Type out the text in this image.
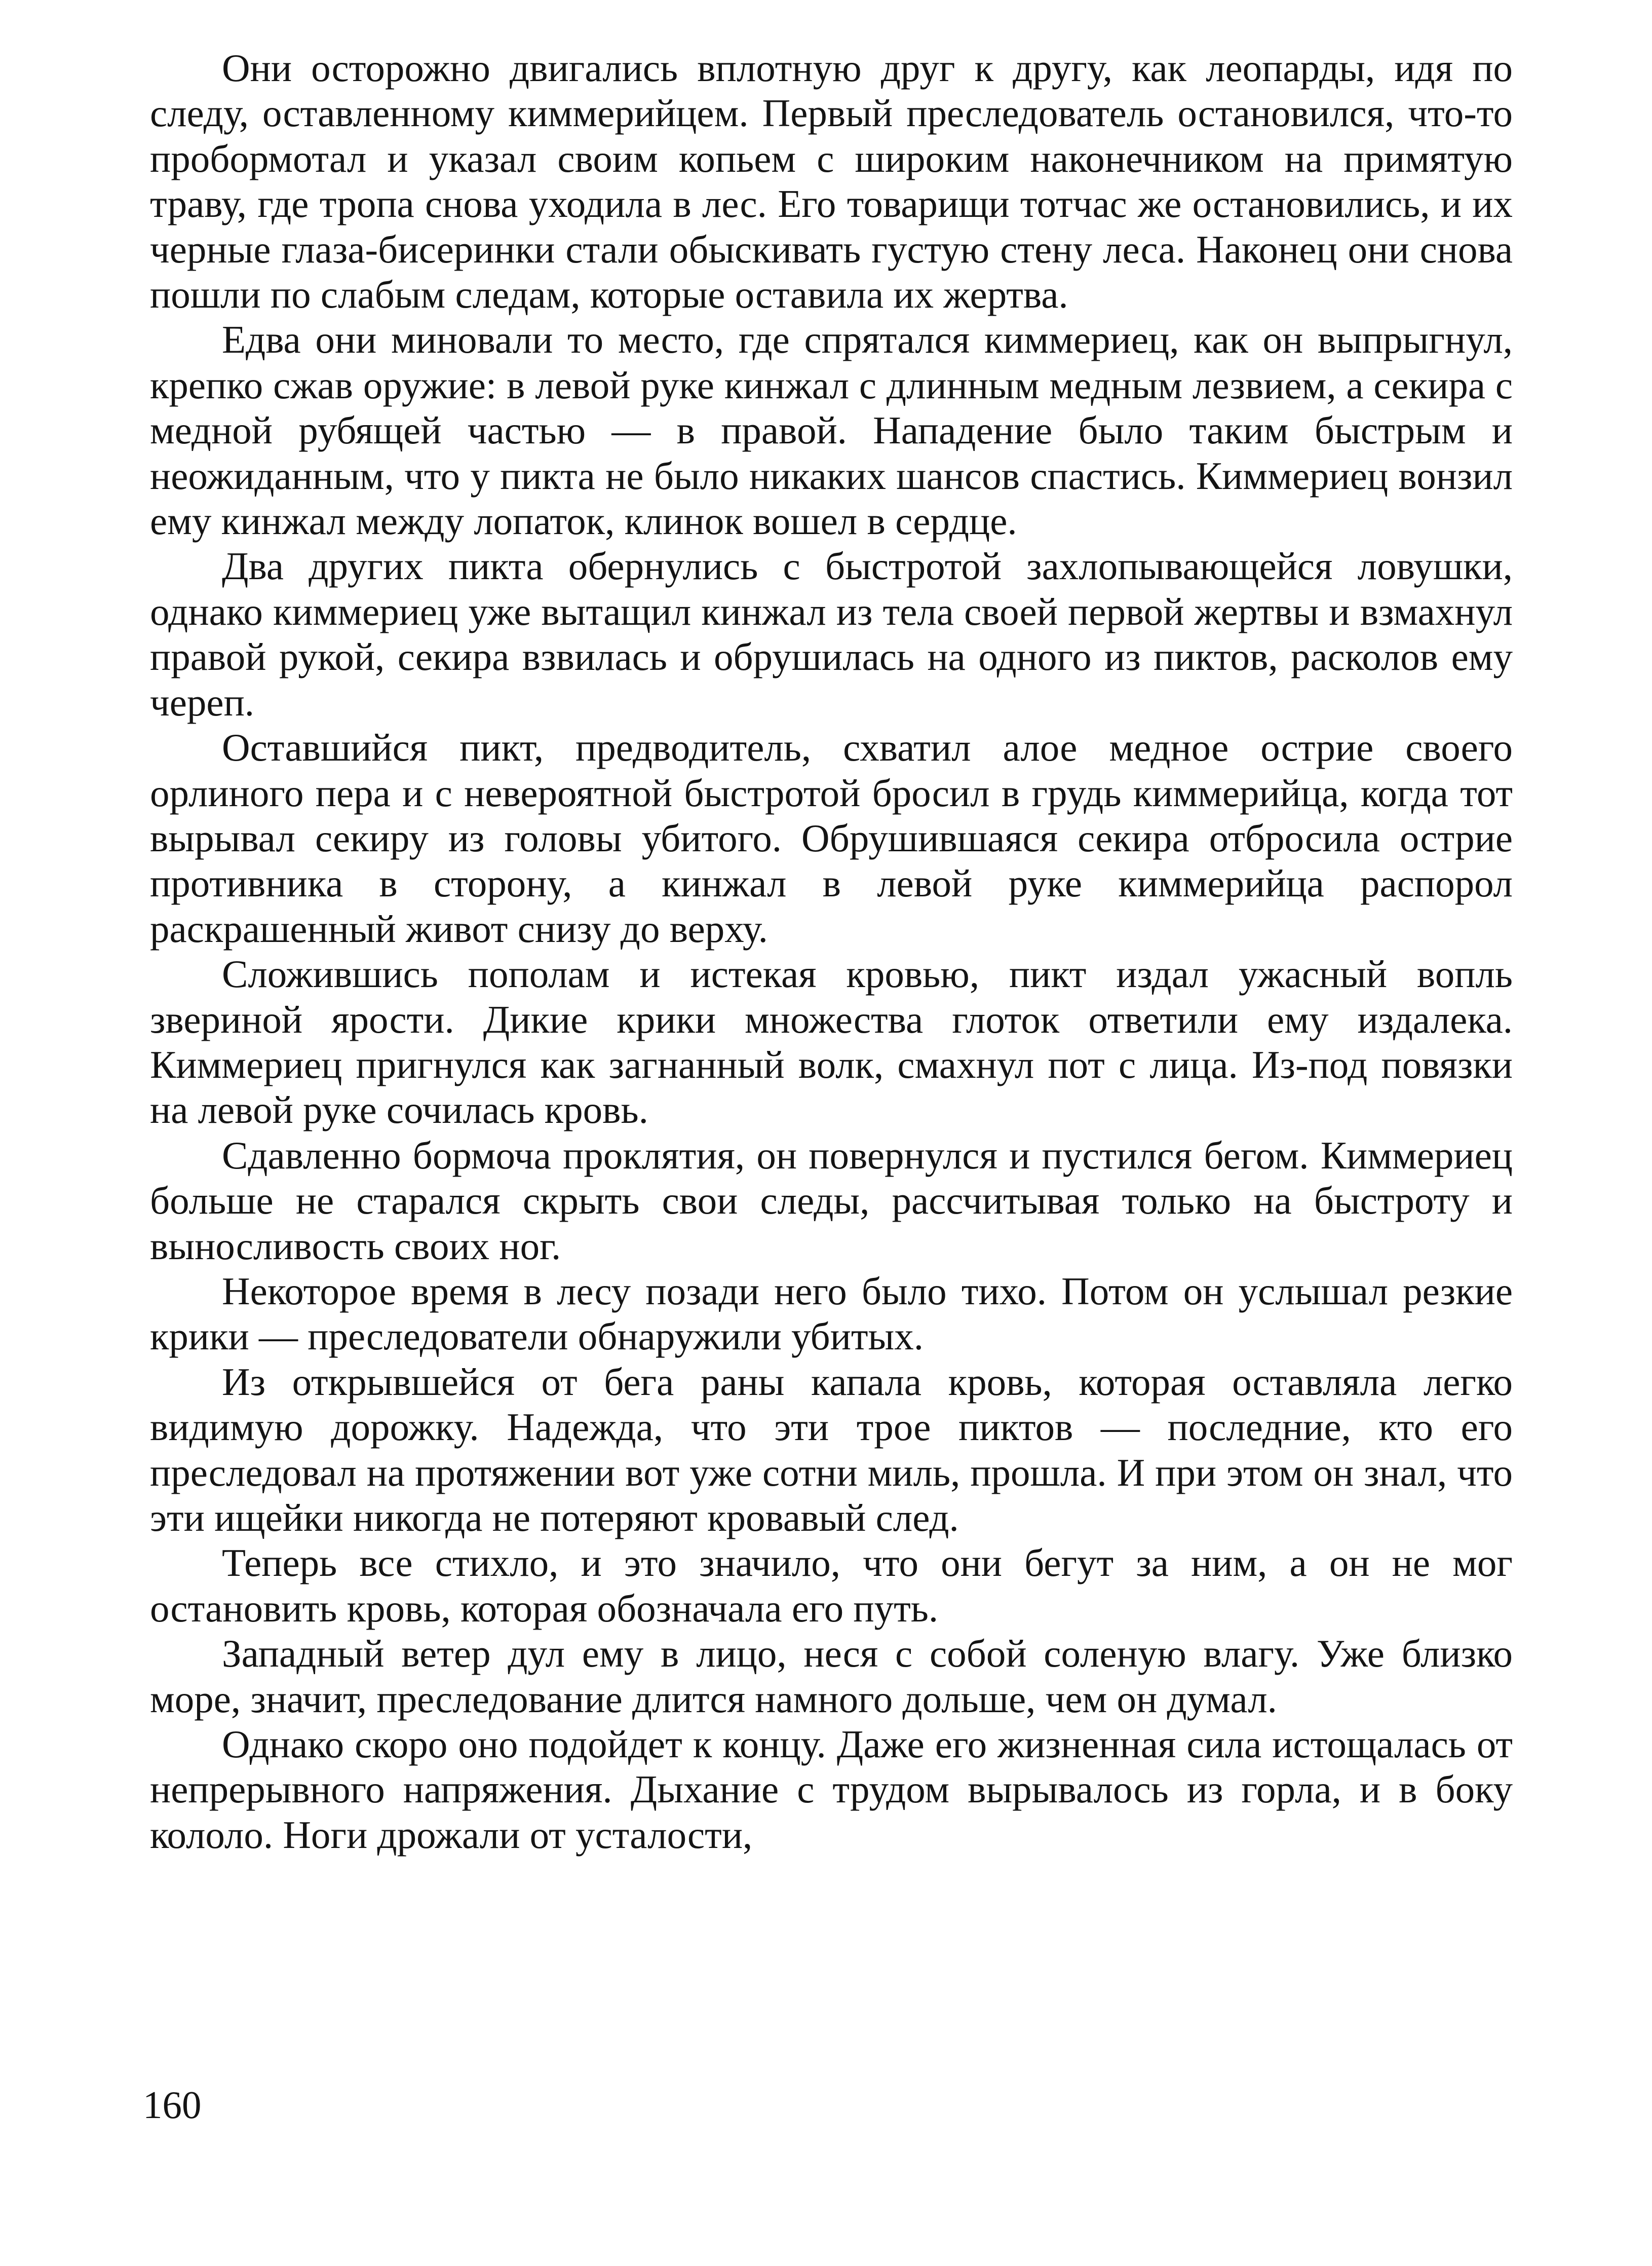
Они осторожно двигались вплотную друг к другу, как леопарды, идя по следу, оставленному киммерийцем. Первый преследователь остановился, что-то пробормотал и указал своим копьем с широким наконечником на примятую траву, где тропа снова уходила в лес. Его товарищи тотчас же остановились, и их черные глаза-бисеринки стали обыскивать густую стену леса. Наконец они снова пошли по слабым следам, которые оставила их жертва.

Едва они миновали то место, где спрятался киммериец, как он выпрыгнул, крепко сжав оружие: в левой руке кинжал с длинным медным лезвием, а секира с медной рубящей частью — в правой. Нападение было таким быстрым и неожиданным, что у пикта не было никаких шансов спастись. Киммериец вонзил ему кинжал между лопаток, клинок вошел в сердце.

Два других пикта обернулись с быстротой захлопывающейся ловушки, однако киммериец уже вытащил кинжал из тела своей первой жертвы и взмахнул правой рукой, секира взвилась и обрушилась на одного из пиктов, расколов ему череп.

Оставшийся пикт, предводитель, схватил алое медное острие своего орлиного пера и с невероятной быстротой бросил в грудь киммерийца, когда тот вырывал секиру из головы убитого. Обрушившаяся секира отбросила острие противника в сторону, а кинжал в левой руке киммерийца распорол раскрашенный живот снизу до верху.

Сложившись пополам и истекая кровью, пикт издал ужасный вопль звериной ярости. Дикие крики множества глоток ответили ему издалека. Киммериец пригнулся как загнанный волк, смахнул пот с лица. Из-под повязки на левой руке сочилась кровь.

Сдавленно бормоча проклятия, он повернулся и пустился бегом. Киммериец больше не старался скрыть свои следы, рассчитывая только на быстроту и выносливость своих ног.

Некоторое время в лесу позади него было тихо. Потом он услышал резкие крики — преследователи обнаружили убитых.

Из открывшейся от бега раны капала кровь, которая оставляла легко видимую дорожку. Надежда, что эти трое пиктов — последние, кто его преследовал на протяжении вот уже сотни миль, прошла. И при этом он знал, что эти ищейки никогда не потеряют кровавый след.

Теперь все стихло, и это значило, что они бегут за ним, а он не мог остановить кровь, которая обозначала его путь.

Западный ветер дул ему в лицо, неся с собой соленую влагу. Уже близко море, значит, преследование длится намного дольше, чем он думал.

Однако скоро оно подойдет к концу. Даже его жизненная сила истощалась от непрерывного напряжения. Дыхание с трудом вырывалось из горла, и в боку кололо. Ноги дрожали от усталости,

160
